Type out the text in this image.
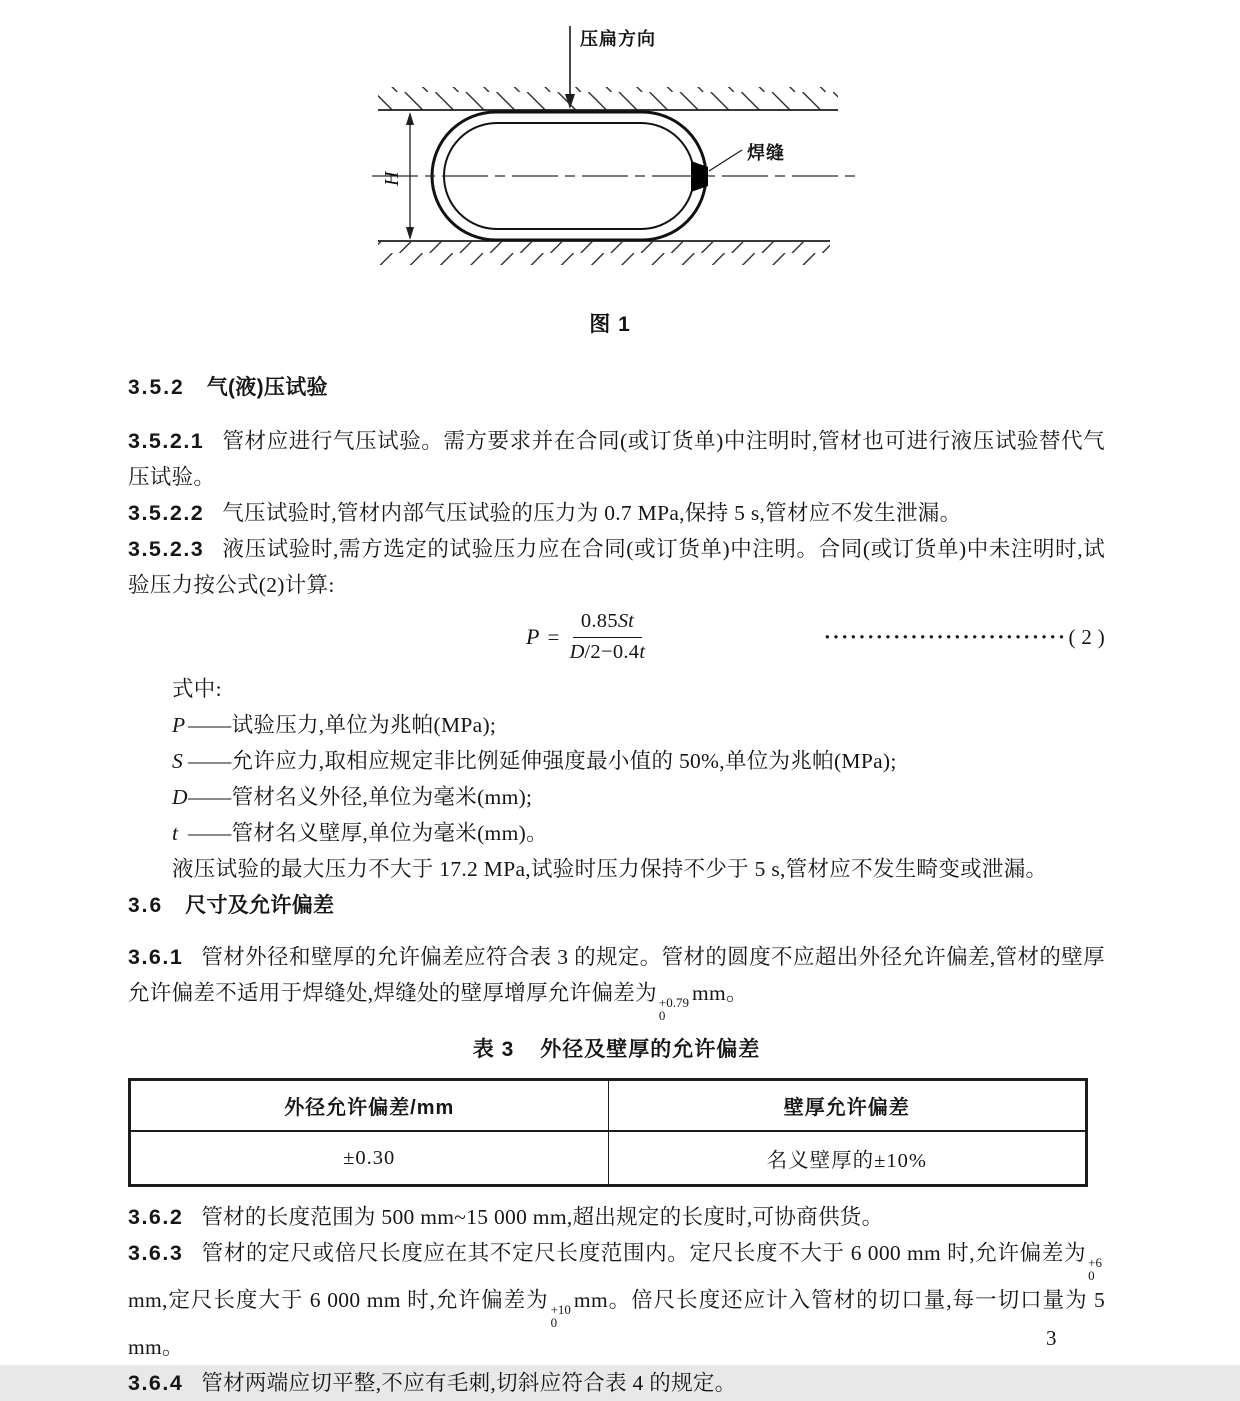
压扁方向
焊缝
H
图 1
3.5.2 气(液)压试验

3.5.2.1 管材应进行气压试验。需方要求并在合同(或订货单)中注明时,管材也可进行液压试验替代气压试验。

3.5.2.2 气压试验时,管材内部气压试验的压力为 0.7 MPa,保持 5 s,管材应不发生泄漏。

3.5.2.3 液压试验时,需方选定的试验压力应在合同(或订货单)中注明。合同(或订货单)中未注明时,试验压力按公式(2)计算:

$P = \frac{0.85St}{D/2-0.4t}$	···························· ( 2 )

式中:

P ——试验压力,单位为兆帕(MPa);

S ——允许应力,取相应规定非比例延伸强度最小值的 50%,单位为兆帕(MPa);

D——管材名义外径,单位为毫米(mm);

t ——管材名义壁厚,单位为毫米(mm)。

液压试验的最大压力不大于 17.2 MPa,试验时压力保持不少于 5 s,管材应不发生畸变或泄漏。

3.6 尺寸及允许偏差

3.6.1 管材外径和壁厚的允许偏差应符合表 3 的规定。管材的圆度不应超出外径允许偏差,管材的壁厚允许偏差不适用于焊缝处,焊缝处的壁厚增厚允许偏差为 +0.79
0
mm。

表 3 外径及壁厚的允许偏差
外径允许偏差/mm	壁厚允许偏差
±0.30	名义壁厚的±10%

3.6.2 管材的长度范围为 500 mm~15 000 mm,超出规定的长度时,可协商供货。

3.6.3 管材的定尺或倍尺长度应在其不定尺长度范围内。定尺长度不大于 6 000 mm 时,允许偏差为 +6
0
mm,定尺长度大于 6 000 mm 时,允许偏差为 +10
0
mm。倍尺长度还应计入管材的切口量,每一切口量为 5 mm。

3.6.4 管材两端应切平整,不应有毛刺,切斜应符合表 4 的规定。

3
